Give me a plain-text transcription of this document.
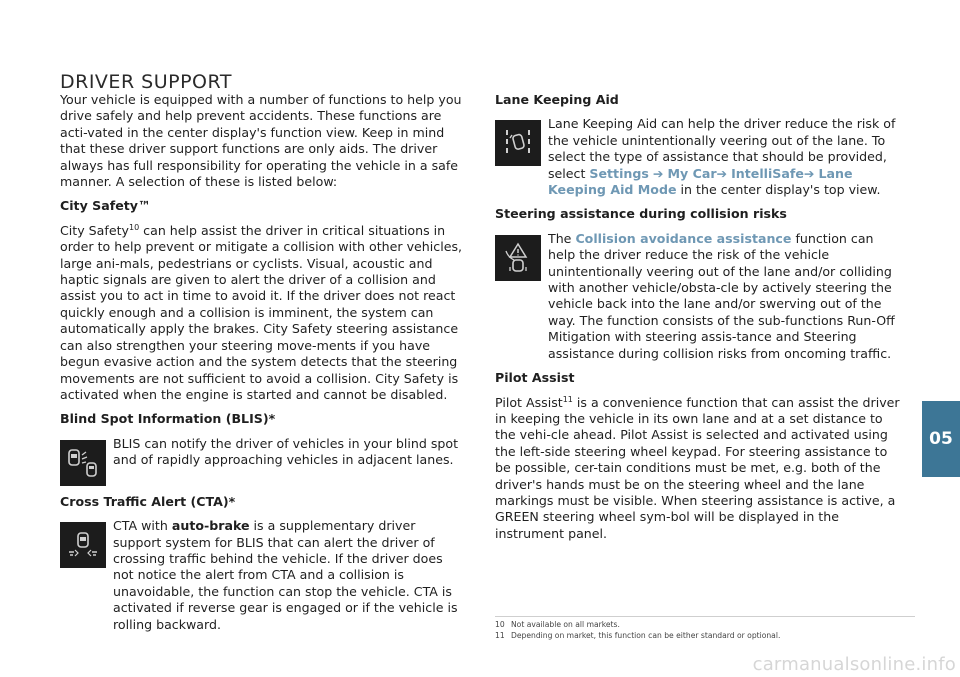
DRIVER SUPPORT

Your vehicle is equipped with a number of functions to help you drive safely and help prevent accidents. These functions are acti-vated in the center display's function view. Keep in mind that these driver support functions are only aids. The driver always has full responsibility for operating the vehicle in a safe manner. A selection of these is listed below:

City Safety™

City Safety$^{10}$ can help assist the driver in critical situations in order to help prevent or mitigate a collision with other vehicles, large ani-mals, pedestrians or cyclists. Visual, acoustic and haptic signals are given to alert the driver of a collision and assist you to act in time to avoid it. If the driver does not react quickly enough and a collision is imminent, the system can automatically apply the brakes. City Safety steering assistance can also strengthen your steering move-ments if you have begun evasive action and the system detects that the steering movements are not sufficient to avoid a collision. City Safety is activated when the engine is started and cannot be disabled.

Blind Spot Information (BLIS)*
BLIS can notify the driver of vehicles in your blind spot and of rapidly approaching vehicles in adjacent lanes.
Cross Traffic Alert (CTA)*
CTA with auto-brake is a supplementary driver support system for BLIS that can alert the driver of crossing traffic behind the vehicle. If the driver does not notice the alert from CTA and a collision is unavoidable, the function can stop the vehicle. CTA is activated if reverse gear is engaged or if the vehicle is rolling backward.
Lane Keeping Aid
Lane Keeping Aid can help the driver reduce the risk of the vehicle unintentionally veering out of the lane. To select the type of assistance that should be provided, select Settings ➔ My Car➔ IntelliSafe➔ Lane Keeping Aid Mode in the center display's top view.
Steering assistance during collision risks
The Collision avoidance assistance function can help the driver reduce the risk of the vehicle unintentionally veering out of the lane and/or colliding with another vehicle/obsta-cle by actively steering the vehicle back into the lane and/or swerving out of the way. The function consists of the sub-functions Run-Off Mitigation with steering assis-tance and Steering assistance during collision risks from oncoming traffic.
Pilot Assist

Pilot Assist$^{11}$ is a convenience function that can assist the driver in keeping the vehicle in its own lane and at a set distance to the vehi-cle ahead. Pilot Assist is selected and activated using the left-side steering wheel keypad. For steering assistance to be possible, cer-tain conditions must be met, e.g. both of the driver's hands must be on the steering wheel and the lane markings must be visible. When steering assistance is active, a GREEN steering wheel sym-bol will be displayed in the instrument panel.

10 Not available on all markets.
11 Depending on market, this function can be either standard or optional.
05
carmanualsonline.info
